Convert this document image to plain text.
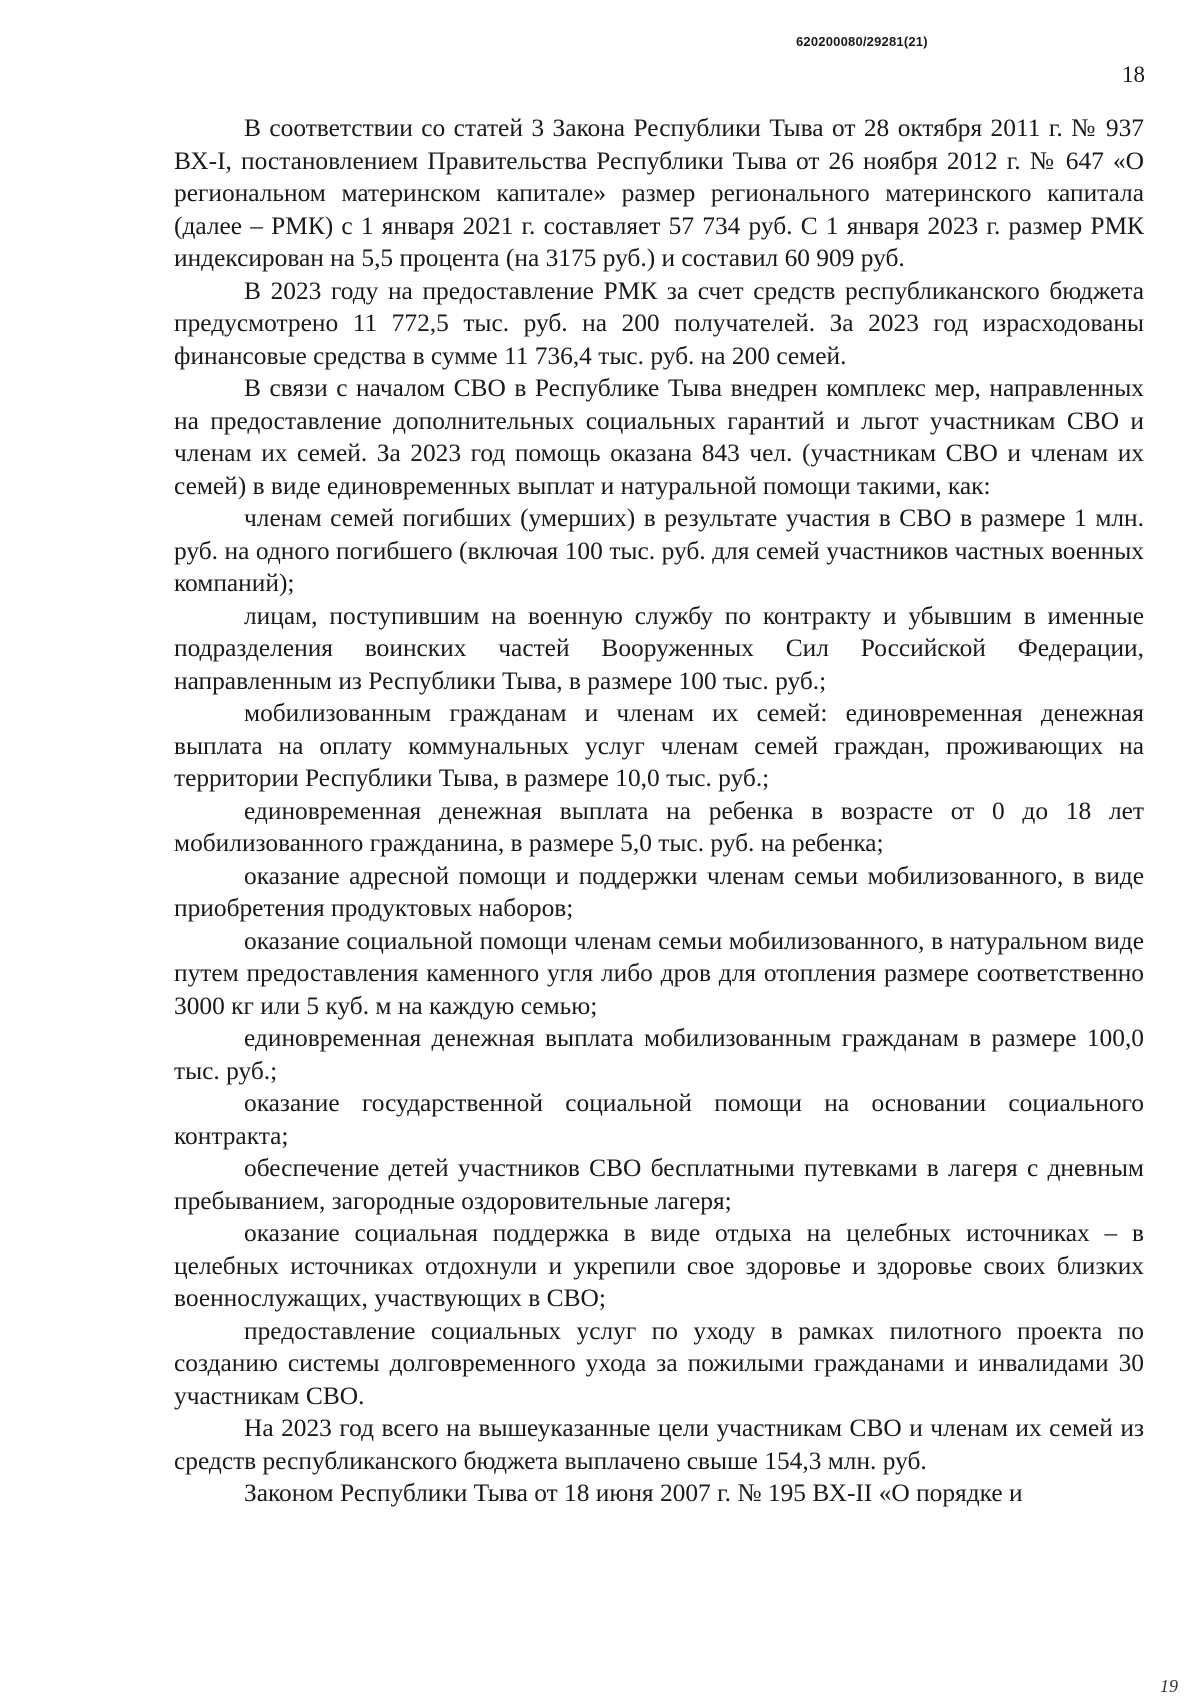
620200080/29281(21)
18

В соответствии со статей 3 Закона Республики Тыва от 28 октября 2011 г. № 937 ВХ-I, постановлением Правительства Республики Тыва от 26 ноября 2012 г. № 647 «О региональном материнском капитале» размер регионального материнского капитала (далее – РМК) с 1 января 2021 г. составляет 57 734 руб. С 1 января 2023 г. размер РМК индексирован на 5,5 процента (на 3175 руб.) и составил 60 909 руб.

В 2023 году на предоставление РМК за счет средств республиканского бюджета предусмотрено 11 772,5 тыс. руб. на 200 получателей. За 2023 год израсходованы финансовые средства в сумме 11 736,4 тыс. руб. на 200 семей.

В связи с началом СВО в Республике Тыва внедрен комплекс мер, направленных на предоставление дополнительных социальных гарантий и льгот участникам СВО и членам их семей. За 2023 год помощь оказана 843 чел. (участникам СВО и членам их семей) в виде единовременных выплат и натуральной помощи такими, как:

членам семей погибших (умерших) в результате участия в СВО в размере 1 млн. руб. на одного погибшего (включая 100 тыс. руб. для семей участников частных военных компаний);

лицам, поступившим на военную службу по контракту и убывшим в именные подразделения воинских частей Вооруженных Сил Российской Федерации, направленным из Республики Тыва, в размере 100 тыс. руб.;

мобилизованным гражданам и членам их семей: единовременная денежная выплата на оплату коммунальных услуг членам семей граждан, проживающих на территории Республики Тыва, в размере 10,0 тыс. руб.;

единовременная денежная выплата на ребенка в возрасте от 0 до 18 лет мобилизованного гражданина, в размере 5,0 тыс. руб. на ребенка;

оказание адресной помощи и поддержки членам семьи мобилизованного, в виде приобретения продуктовых наборов;

оказание социальной помощи членам семьи мобилизованного, в натуральном виде путем предоставления каменного угля либо дров для отопления размере соответственно 3000 кг или 5 куб. м на каждую семью;

единовременная денежная выплата мобилизованным гражданам в размере 100,0 тыс. руб.;

оказание государственной социальной помощи на основании социального контракта;

обеспечение детей участников СВО бесплатными путевками в лагеря с дневным пребыванием, загородные оздоровительные лагеря;

оказание социальная поддержка в виде отдыха на целебных источниках – в целебных источниках отдохнули и укрепили свое здоровье и здоровье своих близких военнослужащих, участвующих в СВО;

предоставление социальных услуг по уходу в рамках пилотного проекта по созданию системы долговременного ухода за пожилыми гражданами и инвалидами 30 участникам СВО.

На 2023 год всего на вышеуказанные цели участникам СВО и членам их семей из средств республиканского бюджета выплачено свыше 154,3 млн. руб.

Законом Республики Тыва от 18 июня 2007 г. № 195 ВХ-II «О порядке и

19
